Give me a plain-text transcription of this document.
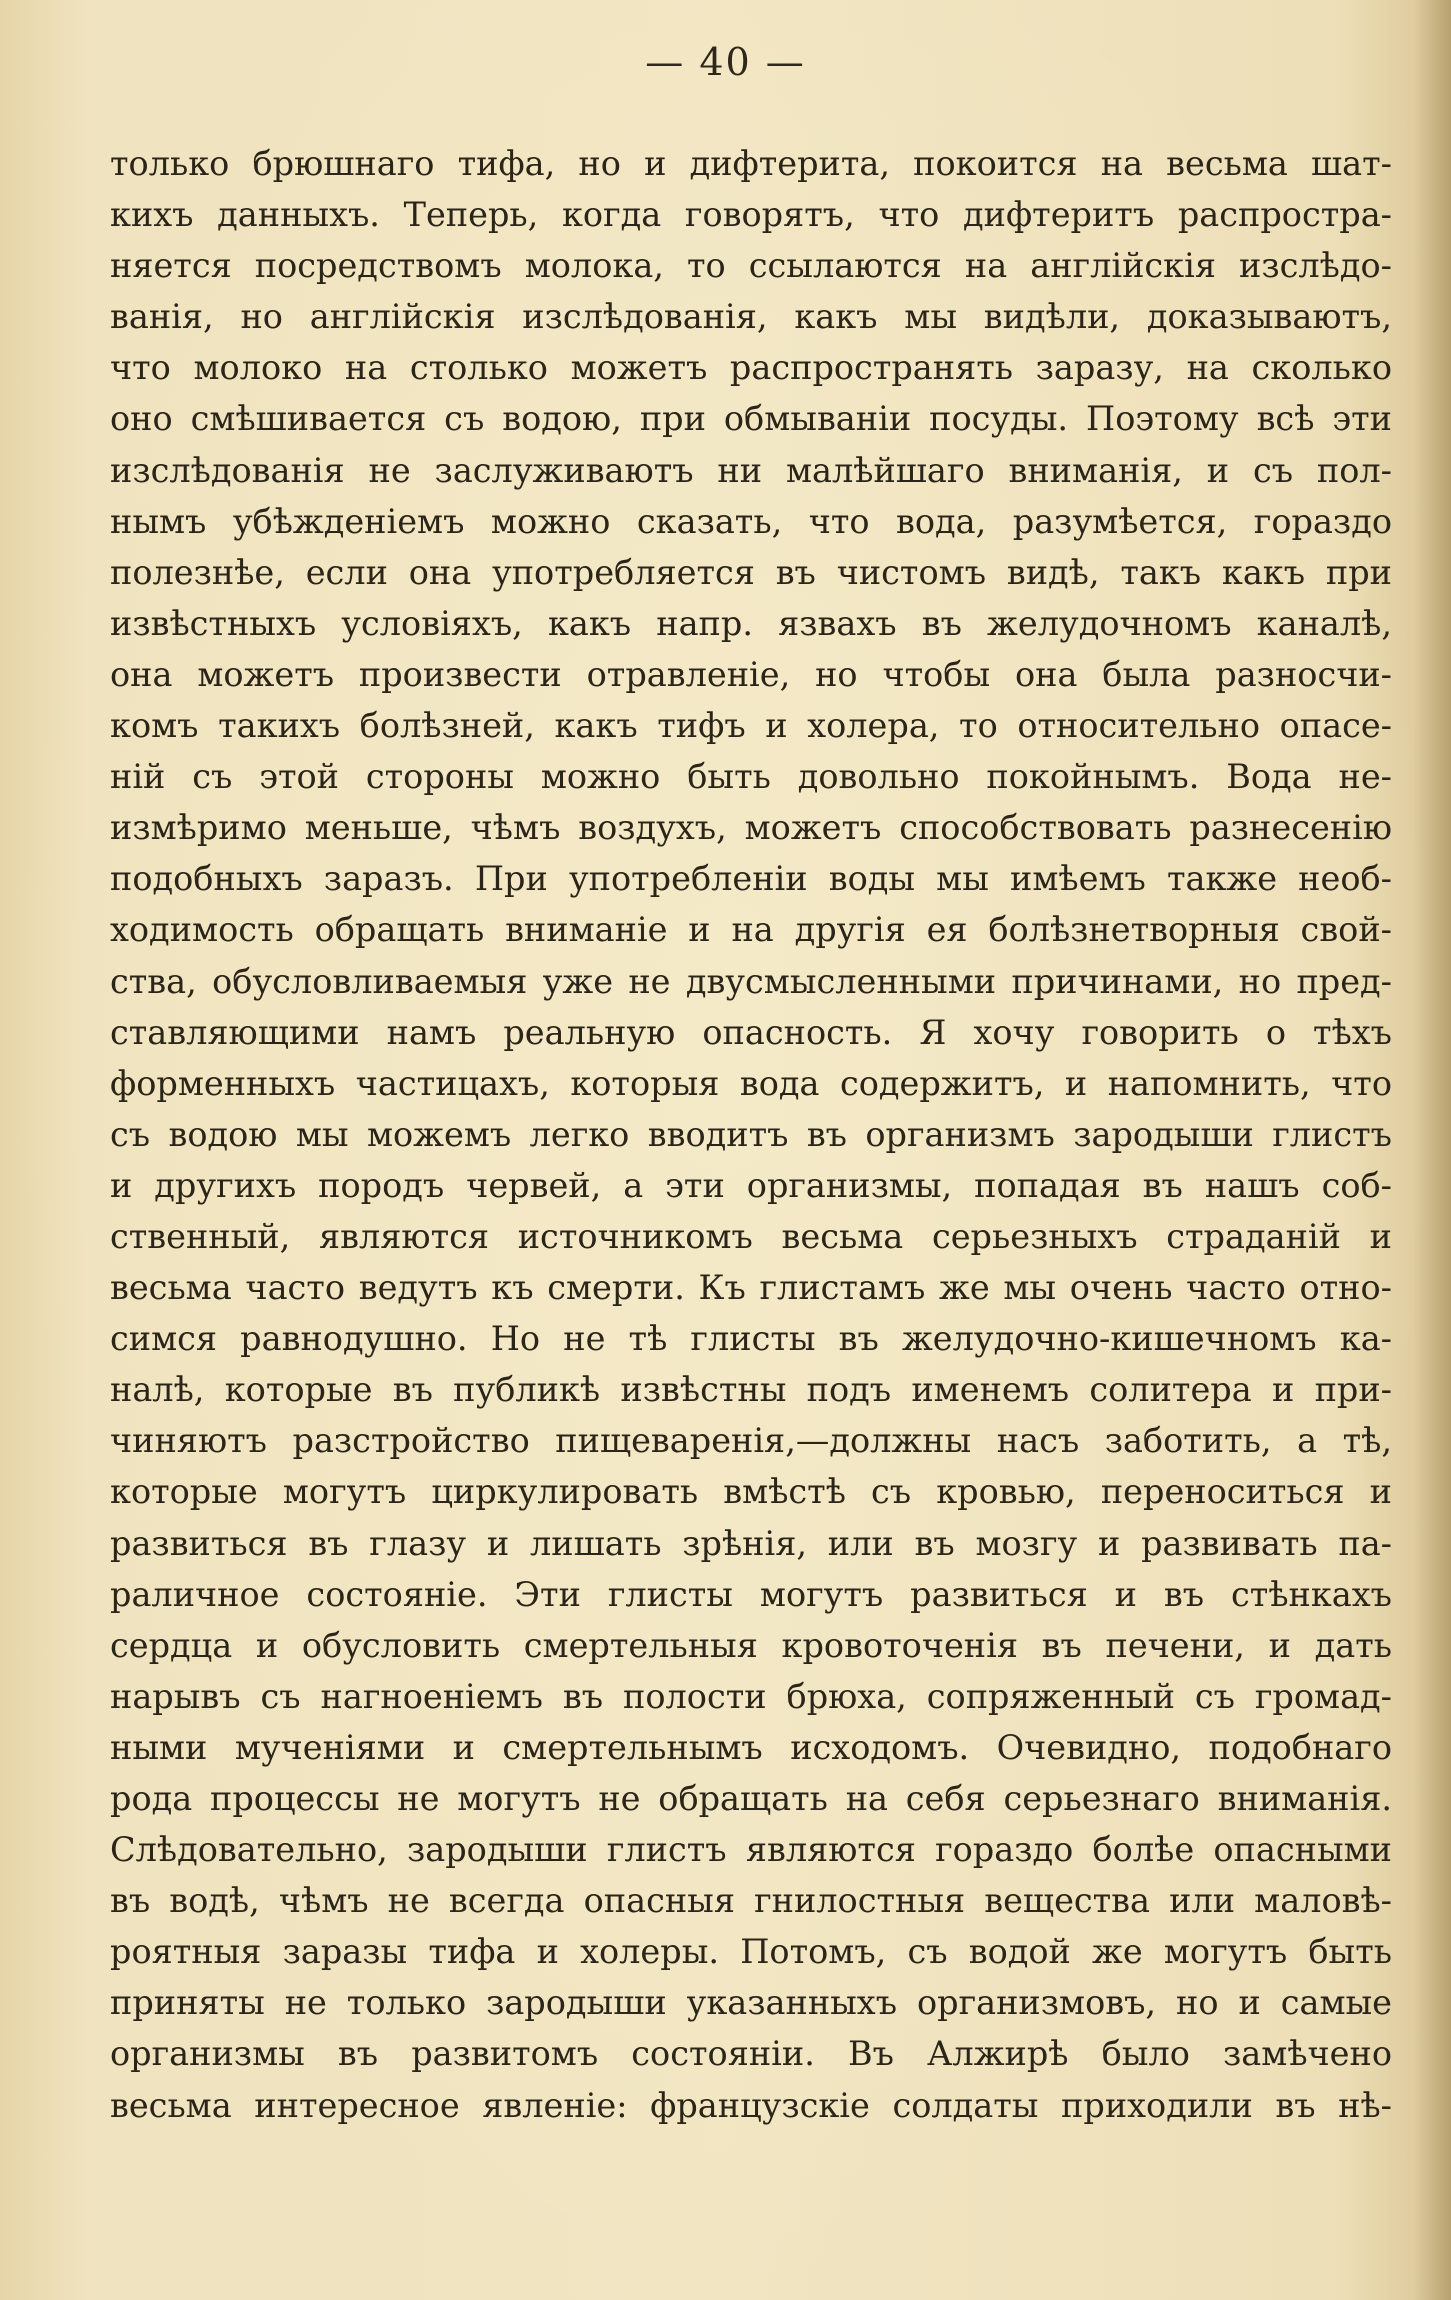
— 40 —
только брюшнаго тифа, но и дифтерита, покоится на весьма шат-
кихъ данныхъ. Теперь, когда говорятъ, что дифтеритъ распростра-
няется посредствомъ молока, то ссылаются на англійскія изслѣдо-
ванія, но англійскія изслѣдованія, какъ мы видѣли, доказываютъ,
что молоко на столько можетъ распространять заразу, на сколько
оно смѣшивается съ водою, при обмываніи посуды. Поэтому всѣ эти
изслѣдованія не заслуживаютъ ни малѣйшаго вниманія, и съ пол-
нымъ убѣжденіемъ можно сказать, что вода, разумѣется, гораздо
полезнѣе, если она употребляется въ чистомъ видѣ, такъ какъ при
извѣстныхъ условіяхъ, какъ напр. язвахъ въ желудочномъ каналѣ,
она можетъ произвести отравленіе, но чтобы она была разносчи-
комъ такихъ болѣзней, какъ тифъ и холера, то относительно опасе-
ній съ этой стороны можно быть довольно покойнымъ. Вода не-
измѣримо меньше, чѣмъ воздухъ, можетъ способствовать разнесенію
подобныхъ заразъ. При употребленіи воды мы имѣемъ также необ-
ходимость обращать вниманіе и на другія ея болѣзнетворныя свой-
ства, обусловливаемыя уже не двусмысленными причинами, но пред-
ставляющими намъ реальную опасность. Я хочу говорить о тѣхъ
форменныхъ частицахъ, которыя вода содержитъ, и напомнить, что
съ водою мы можемъ легко вводитъ въ организмъ зародыши глистъ
и другихъ породъ червей, а эти организмы, попадая въ нашъ соб-
ственный, являются источникомъ весьма серьезныхъ страданій и
весьма часто ведутъ къ смерти. Къ глистамъ же мы очень часто отно-
симся равнодушно. Но не тѣ глисты въ желудочно-кишечномъ ка-
налѣ, которые въ публикѣ извѣстны подъ именемъ солитера и при-
чиняютъ разстройство пищеваренія,—должны насъ заботить, а тѣ,
которые могутъ циркулировать вмѣстѣ съ кровью, переноситься и
развиться въ глазу и лишать зрѣнія, или въ мозгу и развивать па-
раличное состояніе. Эти глисты могутъ развиться и въ стѣнкахъ
сердца и обусловить смертельныя кровоточенія въ печени, и дать
нарывъ съ нагноеніемъ въ полости брюха, сопряженный съ громад-
ными мученіями и смертельнымъ исходомъ. Очевидно, подобнаго
рода процессы не могутъ не обращать на себя серьезнаго вниманія.
Слѣдовательно, зародыши глистъ являются гораздо болѣе опасными
въ водѣ, чѣмъ не всегда опасныя гнилостныя вещества или маловѣ-
роятныя заразы тифа и холеры. Потомъ, съ водой же могутъ быть
приняты не только зародыши указанныхъ организмовъ, но и самые
организмы въ развитомъ состояніи. Въ Алжирѣ было замѣчено
весьма интересное явленіе: французскіе солдаты приходили въ нѣ-
